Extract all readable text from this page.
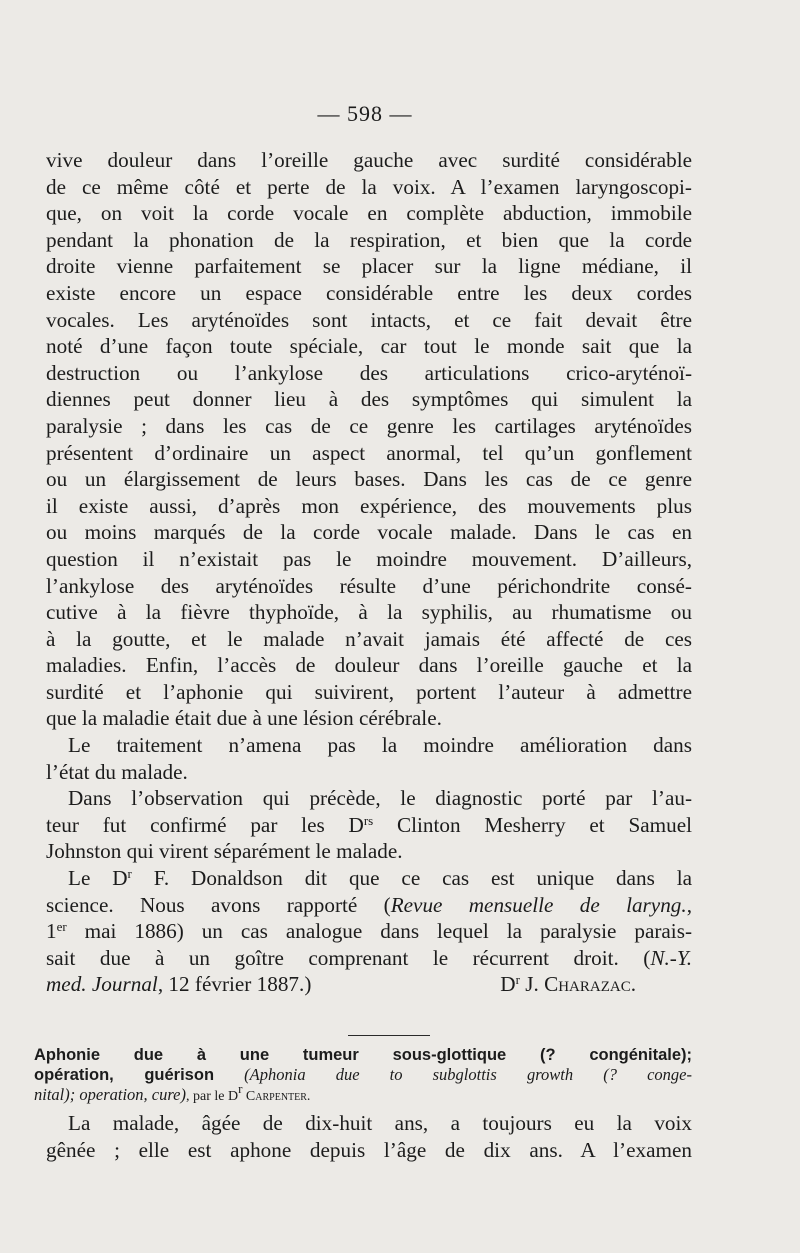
— 598 —
vive douleur dans l’oreille gauche avec surdité considérable
de ce même côté et perte de la voix. A l’examen laryngoscopi-
que, on voit la corde vocale en complète abduction, immobile
pendant la phonation de la respiration, et bien que la corde
droite vienne parfaitement se placer sur la ligne médiane, il
existe encore un espace considérable entre les deux cordes
vocales. Les aryténoïdes sont intacts, et ce fait devait être
noté d’une façon toute spéciale, car tout le monde sait que la
destruction ou l’ankylose des articulations crico-aryténoï-
diennes peut donner lieu à des symptômes qui simulent la
paralysie ; dans les cas de ce genre les cartilages aryténoïdes
présentent d’ordinaire un aspect anormal, tel qu’un gonflement
ou un élargissement de leurs bases. Dans les cas de ce genre
il existe aussi, d’après mon expérience, des mouvements plus
ou moins marqués de la corde vocale malade. Dans le cas en
question il n’existait pas le moindre mouvement. D’ailleurs,
l’ankylose des aryténoïdes résulte d’une périchondrite consé-
cutive à la fièvre thyphoïde, à la syphilis, au rhumatisme ou
à la goutte, et le malade n’avait jamais été affecté de ces
maladies. Enfin, l’accès de douleur dans l’oreille gauche et la
surdité et l’aphonie qui suivirent, portent l’auteur à admettre
que la maladie était due à une lésion cérébrale.
Le traitement n’amena pas la moindre amélioration dans
l’état du malade.
Dans l’observation qui précède, le diagnostic porté par l’au-
teur fut confirmé par les $D^{rs}$ Clinton Mesherry et Samuel
Johnston qui virent séparément le malade.
Le $D^r$ F. Donaldson dit que ce cas est unique dans la
science. Nous avons rapporté (Revue mensuelle de laryng.,
1er mai 1886) un cas analogue dans lequel la paralysie parais-
sait due à un goître comprenant le récurrent droit. (N.-Y.
med. Journal, 12 février 1887.)	$D^r$ J. Charazac.
Aphonie due à une tumeur sous-glottique (? congénitale);
opération, guérison (Aphonia due to subglottis growth (? conge-
nital); operation, cure), par le $D^r$ Carpenter.
La malade, âgée de dix-huit ans, a toujours eu la voix
gênée ; elle est aphone depuis l’âge de dix ans. A l’examen
